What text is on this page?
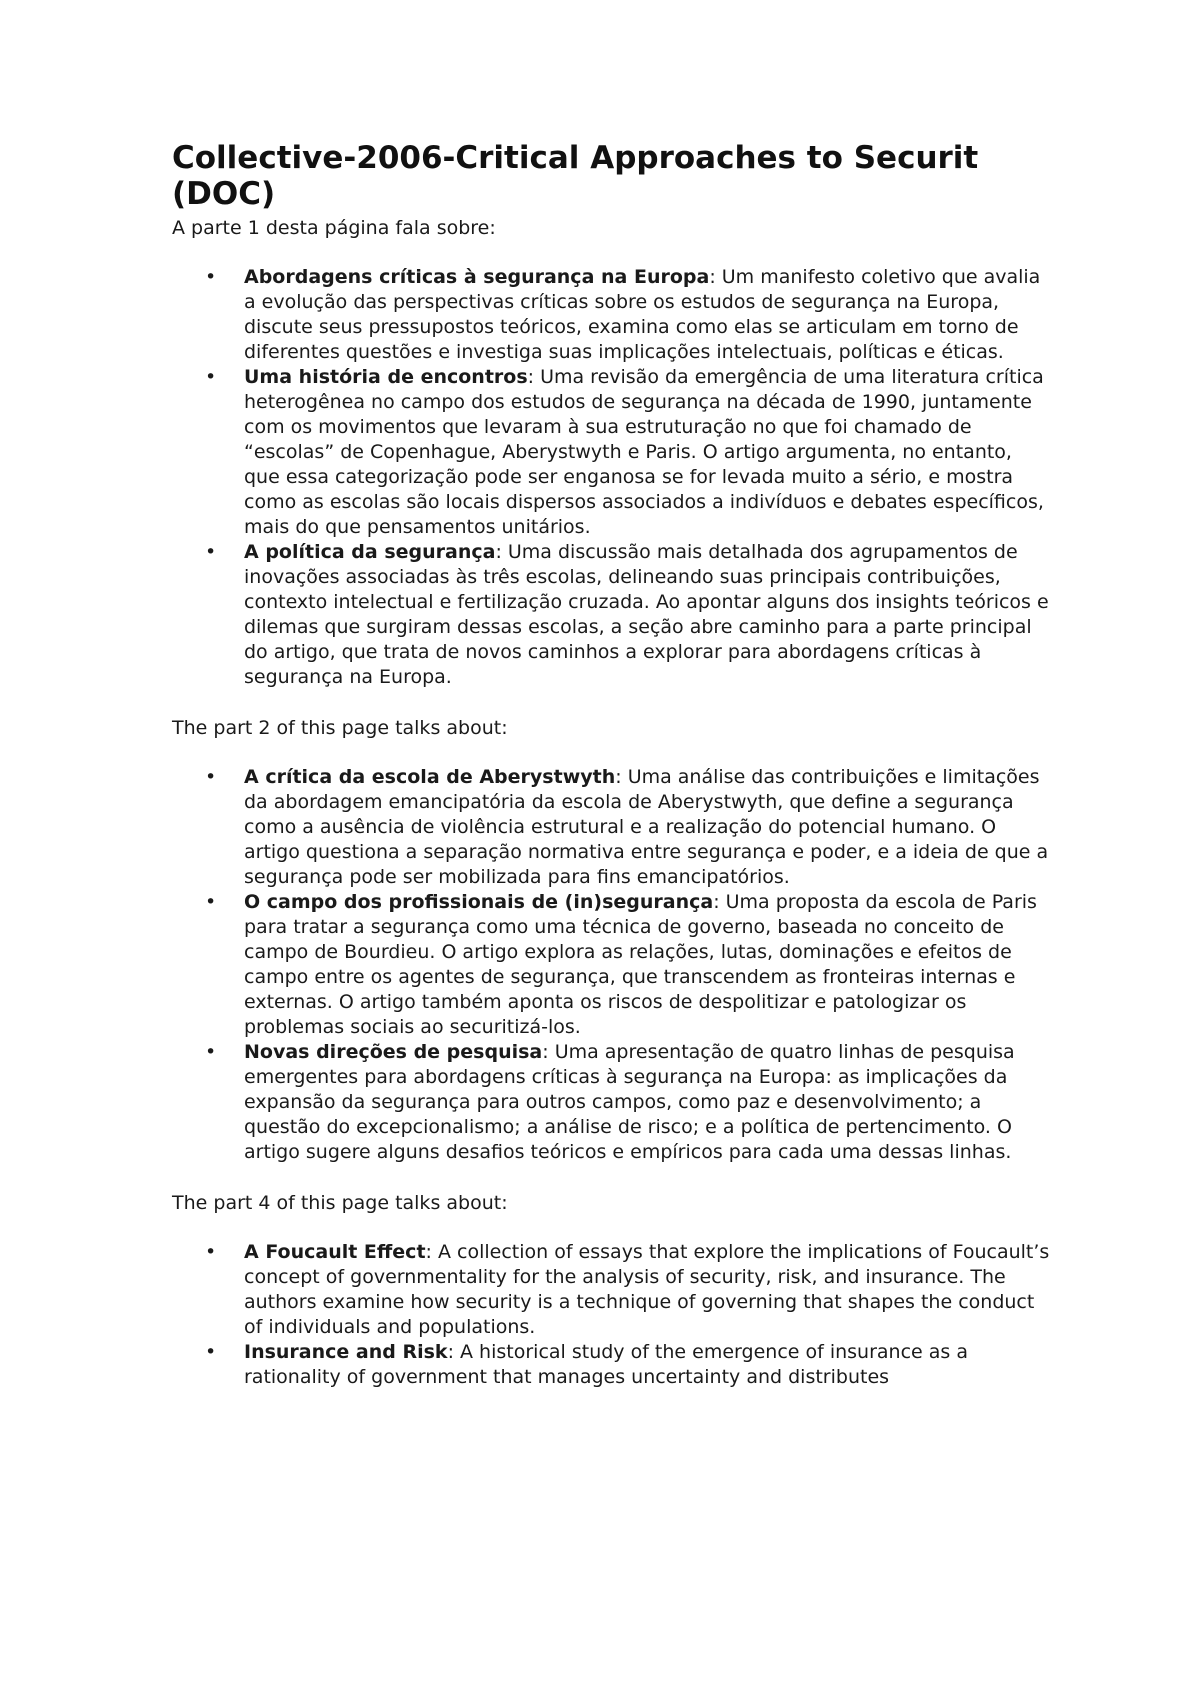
Collective-2006-Critical Approaches to Securit (DOC)

A parte 1 desta página fala sobre:

• Abordagens críticas à segurança na Europa: Um manifesto coletivo que avalia a evolução das perspectivas críticas sobre os estudos de segurança na Europa, discute seus pressupostos teóricos, examina como elas se articulam em torno de diferentes questões e investiga suas implicações intelectuais, políticas e éticas.
• Uma história de encontros: Uma revisão da emergência de uma literatura crítica heterogênea no campo dos estudos de segurança na década de 1990, juntamente com os movimentos que levaram à sua estruturação no que foi chamado de “escolas” de Copenhague, Aberystwyth e Paris. O artigo argumenta, no entanto, que essa categorização pode ser enganosa se for levada muito a sério, e mostra como as escolas são locais dispersos associados a indivíduos e debates específicos, mais do que pensamentos unitários.
• A política da segurança: Uma discussão mais detalhada dos agrupamentos de inovações associadas às três escolas, delineando suas principais contribuições, contexto intelectual e fertilização cruzada. Ao apontar alguns dos insights teóricos e dilemas que surgiram dessas escolas, a seção abre caminho para a parte principal do artigo, que trata de novos caminhos a explorar para abordagens críticas à segurança na Europa.

The part 2 of this page talks about:

• A crítica da escola de Aberystwyth: Uma análise das contribuições e limitações da abordagem emancipatória da escola de Aberystwyth, que define a segurança como a ausência de violência estrutural e a realização do potencial humano. O artigo questiona a separação normativa entre segurança e poder, e a ideia de que a segurança pode ser mobilizada para fins emancipatórios.
• O campo dos profissionais de (in)segurança: Uma proposta da escola de Paris para tratar a segurança como uma técnica de governo, baseada no conceito de campo de Bourdieu. O artigo explora as relações, lutas, dominações e efeitos de campo entre os agentes de segurança, que transcendem as fronteiras internas e externas. O artigo também aponta os riscos de despolitizar e patologizar os problemas sociais ao securitizá-los.
• Novas direções de pesquisa: Uma apresentação de quatro linhas de pesquisa emergentes para abordagens críticas à segurança na Europa: as implicações da expansão da segurança para outros campos, como paz e desenvolvimento; a questão do excepcionalismo; a análise de risco; e a política de pertencimento. O artigo sugere alguns desafios teóricos e empíricos para cada uma dessas linhas.

The part 4 of this page talks about:

• A Foucault Effect: A collection of essays that explore the implications of Foucault’s concept of governmentality for the analysis of security, risk, and insurance. The authors examine how security is a technique of governing that shapes the conduct of individuals and populations.
• Insurance and Risk: A historical study of the emergence of insurance as a rationality of government that manages uncertainty and distributes
